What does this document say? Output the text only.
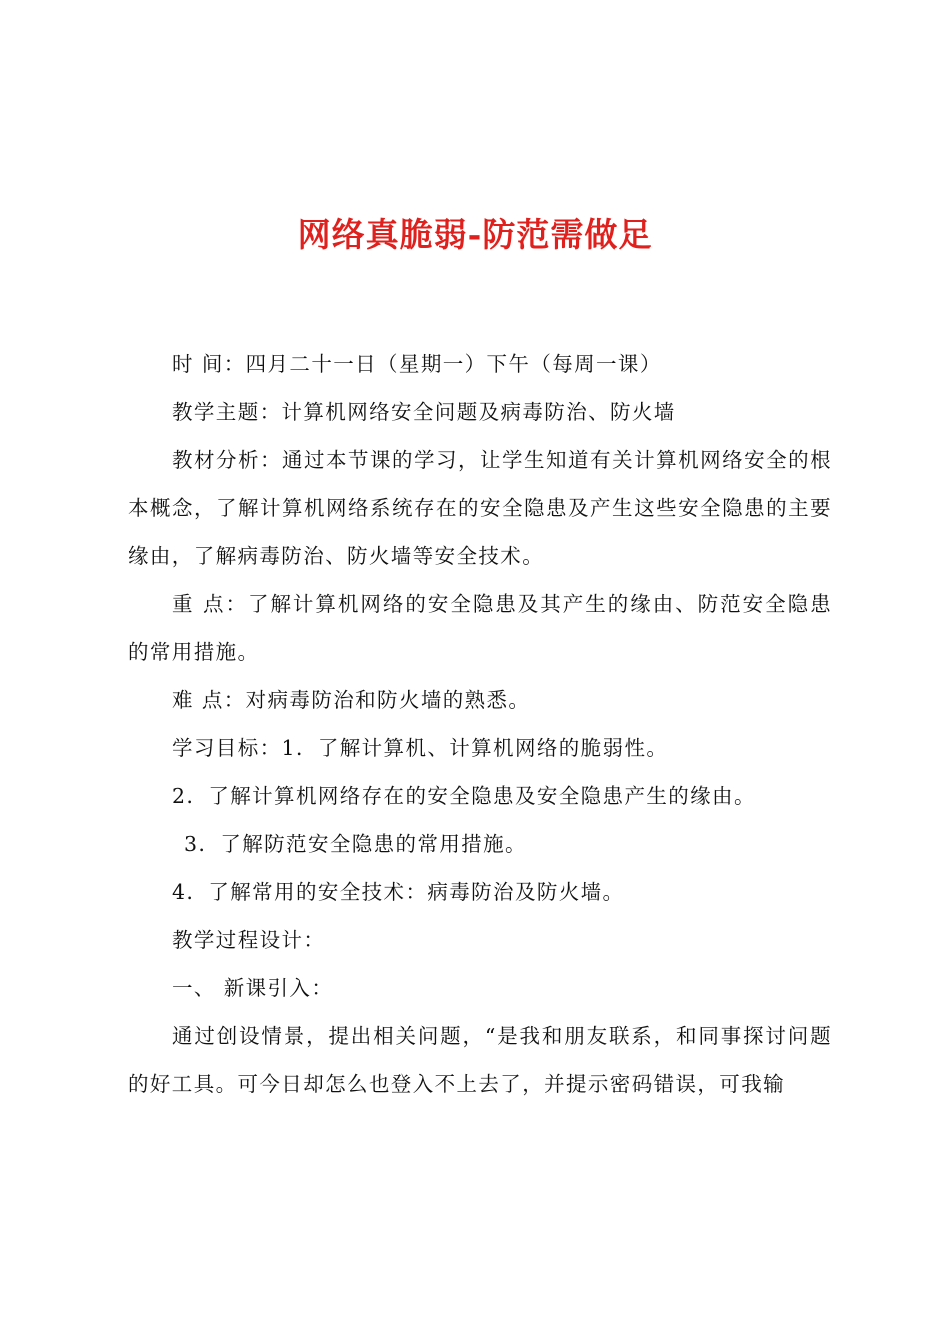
网络真脆弱-防范需做足

时 间：四月二十一日（星期一）下午（每周一课）

教学主题：计算机网络安全问题及病毒防治、防火墙

教材分析：通过本节课的学习，让学生知道有关计算机网络安全的根本概念，了解计算机网络系统存在的安全隐患及产生这些安全隐患的主要缘由，了解病毒防治、防火墙等安全技术。

重 点：了解计算机网络的安全隐患及其产生的缘由、防范安全隐患的常用措施。

难 点：对病毒防治和防火墙的熟悉。

学习目标：1．了解计算机、计算机网络的脆弱性。

2．了解计算机网络存在的安全隐患及安全隐患产生的缘由。

3．了解防范安全隐患的常用措施。

4．了解常用的安全技术：病毒防治及防火墙。

教学过程设计：

一、 新课引入：

通过创设情景，提出相关问题，“是我和朋友联系，和同事探讨问题的好工具。可今日却怎么也登入不上去了，并提示密码错误，可我输
